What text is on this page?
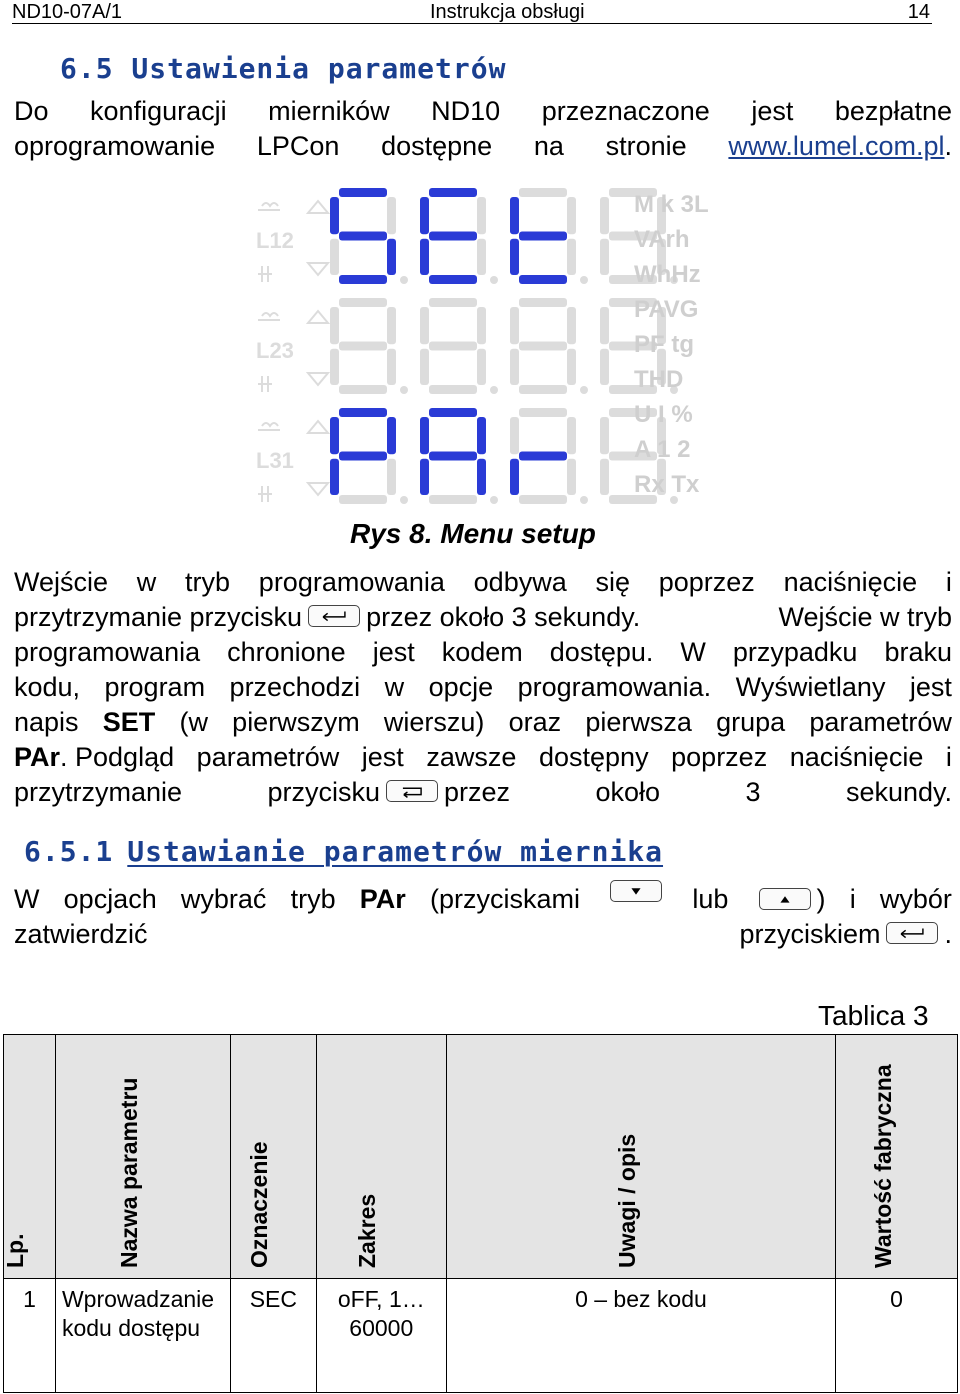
ND10-07A/1	Instrukcja obsługi	14
6.5 Ustawienia parametrów
Do konfiguracji mierników ND10 przeznaczone jest bezpłatne
oprogramowanie LPCon dostępne na stronie www.lumel.com.pl.
L12
L23
L31
M k 3L
VArh
WhHz
PAVG
PF tg
THD
U I %
A 1 2
Rx Tx
Rys 8. Menu setup
Wejście w tryb programowania odbywa się poprzez naciśnięcie i
przytrzymanie przycisku przez około 3 sekundy.	Wejście w tryb
programowania chronione jest kodem dostępu. W przypadku braku
kodu, program przechodzi w opcje programowania. Wyświetlany jest
napis SET (w pierwszym wierszu) oraz pierwsza grupa parametrów
PAr. Podgląd parametrów jest zawsze dostępny poprzez naciśnięcie i
przytrzymanie przycisku przez około 3 sekundy.
6.5.1 Ustawianie parametrów miernika
W opcjach wybrać tryb PAr (przyciskami	lub	) i wybór
zatwierdzić przyciskiem .
Tablica 3
Lp.	Nazwa parametru	Oznaczenie	Zakres	Uwagi / opis	Wartość fabryczna

1	Wprowadzanie kodu dostępu	SEC	oFF, 1… 60000	0 – bez kodu	0
